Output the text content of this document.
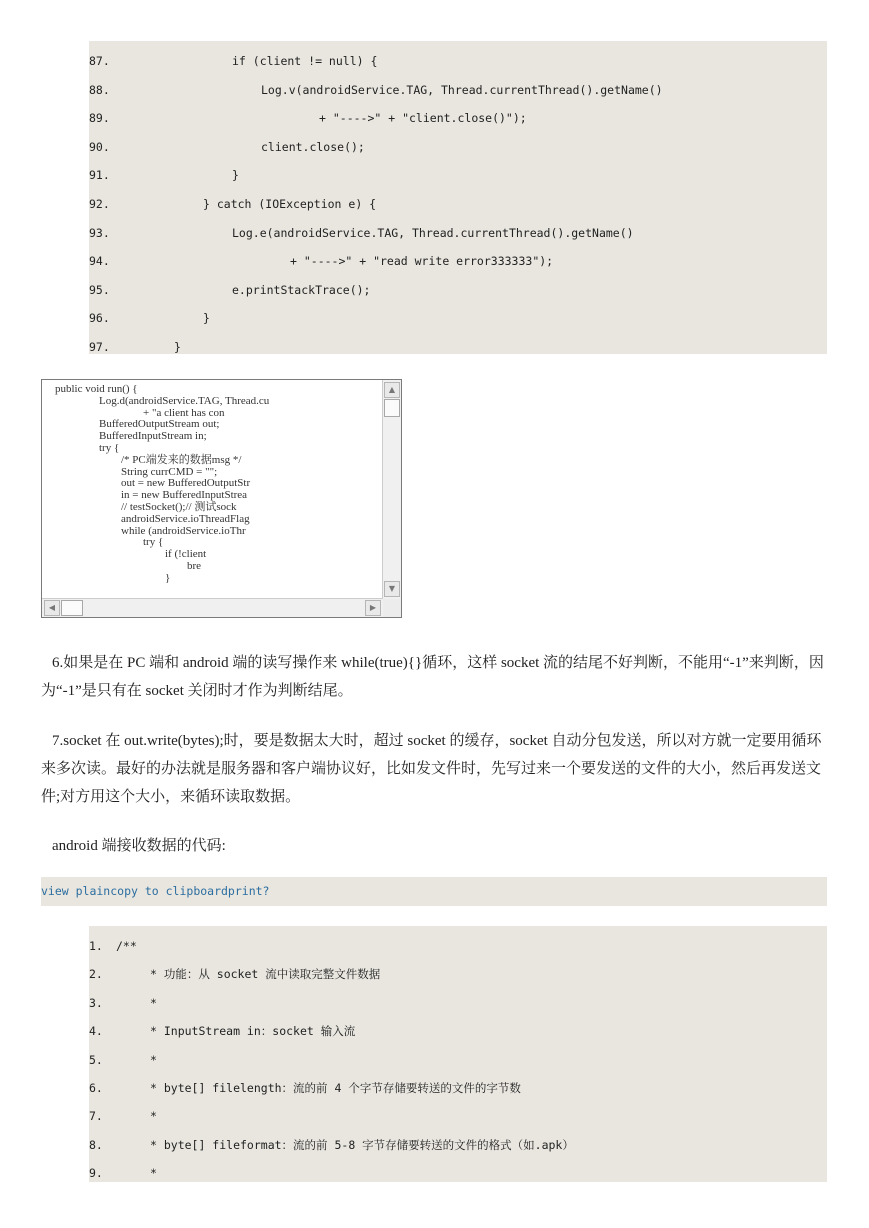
87.	if (client != null) {
88.	Log.v(androidService.TAG, Thread.currentThread().getName()
89.	+ "---->" + "client.close()");
90.	client.close();
91.	}
92.	} catch (IOException e) {
93.	Log.e(androidService.TAG, Thread.currentThread().getName()
94.	+ "---->" + "read write error333333");
95.	e.printStackTrace();
96.	}
97.	}
public void run() {
Log.d(androidService.TAG, Thread.cu
+ "a client has con
BufferedOutputStream out;
BufferedInputStream in;
try {
/* PC端发来的数据msg */
String currCMD = "";
out = new BufferedOutputStr
in = new BufferedInputStrea
// testSocket();// 测试sock
androidService.ioThreadFlag
while (androidService.ioThr
try {
if (!client
bre
}
▲
▼
◀	▶
6.如果是在 PC 端和 android 端的读写操作来 while(true){}循环，这样 socket 流的结尾不好判断，不能用“-1”来判断，因为“-1”是只有在 socket 关闭时才作为判断结尾。
7.socket 在 out.write(bytes);时，要是数据太大时，超过 socket 的缓存，socket 自动分包发送，所以对方就一定要用循环来多次读。最好的办法就是服务器和客户端协议好，比如发文件时，先写过来一个要发送的文件的大小，然后再发送文件;对方用这个大小，来循环读取数据。
android 端接收数据的代码:
view plaincopy to clipboardprint?
1.	/**
2.	* 功能：从 socket 流中读取完整文件数据
3.	*
4.	* InputStream in：socket 输入流
5.	*
6.	* byte[] filelength：流的前 4 个字节存储要转送的文件的字节数
7.	*
8.	* byte[] fileformat：流的前 5-8 字节存储要转送的文件的格式（如.apk）
9.	*
